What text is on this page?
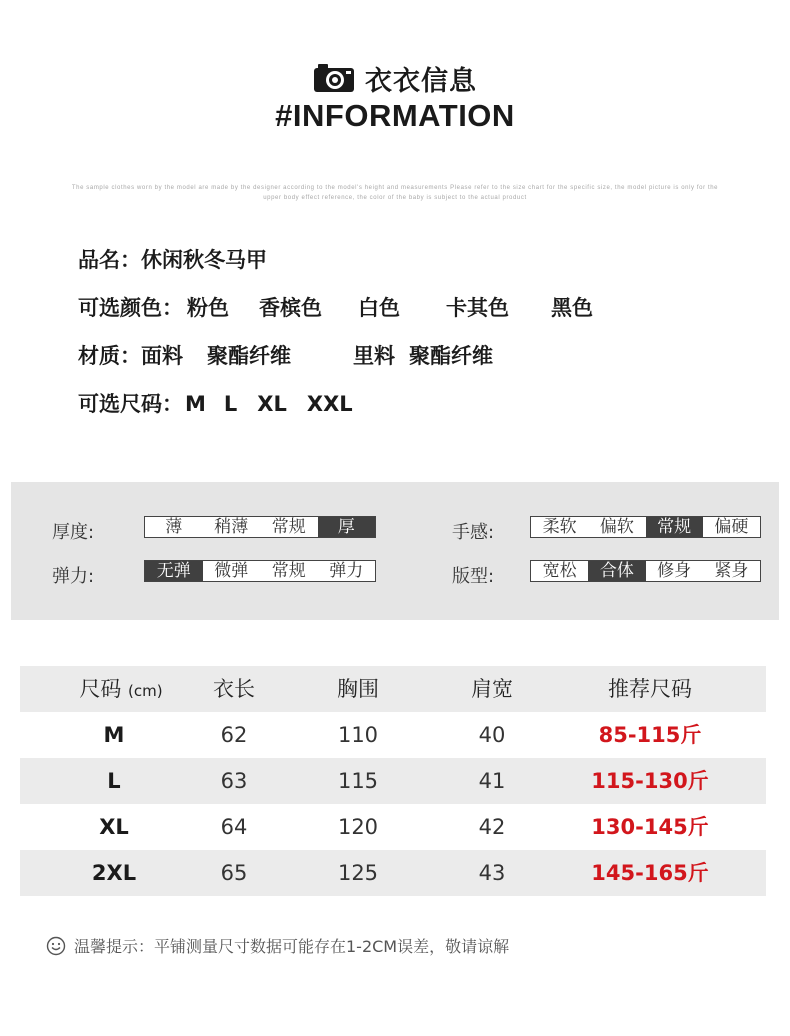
衣衣信息
#INFORMATION
The sample clothes worn by the model are made by the designer according to the model's height and measurements Please refer to the size chart for the specific size, the model picture is only for the upper body effect reference, the color of the baby is subject to the actual product
品名：休闲秋冬马甲
可选颜色： 粉色 香槟色 白色 卡其色 黑色
材质：面料 聚酯纤维	里料 聚酯纤维
可选尺码：M L XL XXL
厚度:	薄	稍薄	常规	厚	手感:	柔软	偏软	常规	偏硬
弹力:	无弹	微弹	常规	弹力	版型:	宽松	合体	修身	紧身
尺码 (cm)	衣长	胸围	肩宽	推荐尺码
M	62	110	40	85-115斤
L	63	115	41	115-130斤
XL	64	120	42	130-145斤
2XL	65	125	43	145-165斤
温馨提示：平铺测量尺寸数据可能存在1-2CM误差，敬请谅解
